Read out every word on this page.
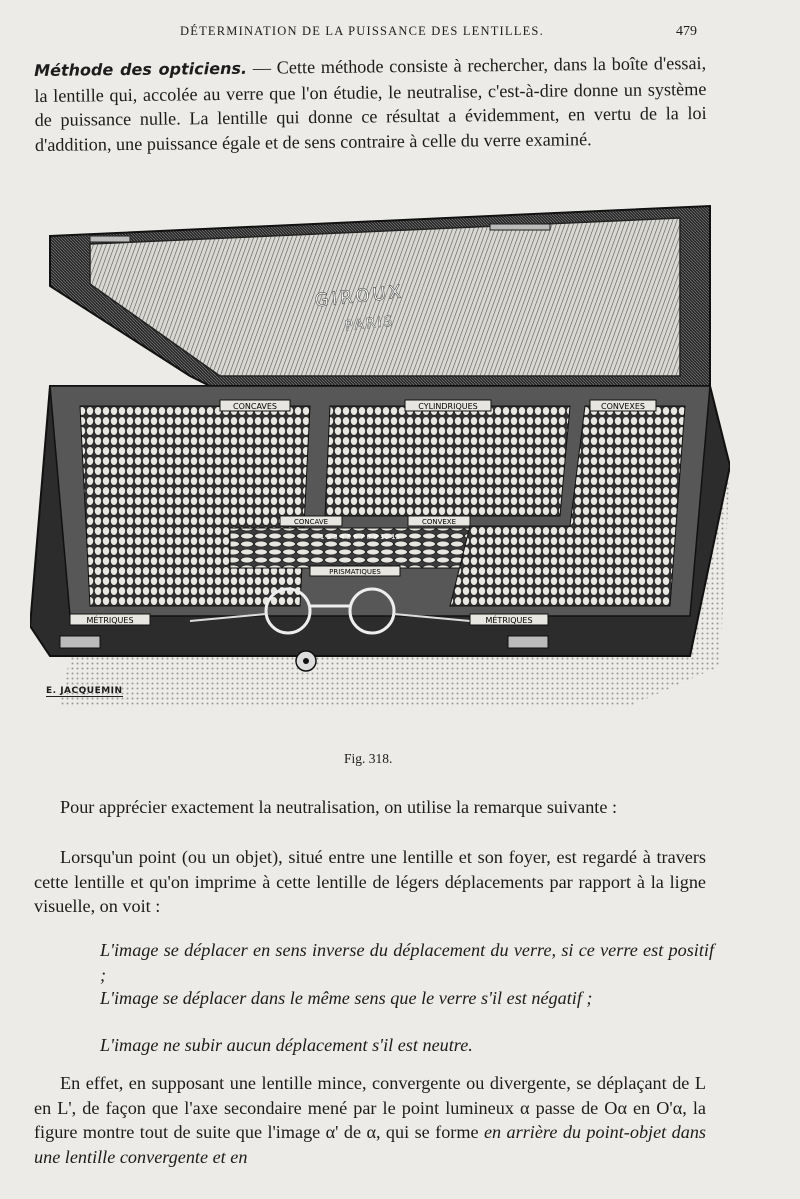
DÉTERMINATION DE LA PUISSANCE DES LENTILLES.	479

Méthode des opticiens. — Cette méthode consiste à rechercher, dans la boîte d'essai, la lentille qui, accolée au verre que l'on étudie, le neutralise, c'est-à-dire donne un système de puissance nulle. La lentille qui donne ce résultat a évidemment, en vertu de la loi d'addition, une puissance égale et de sens contraire à celle du verre examiné.

GIROUX
PARIS
CONCAVES	CYLINDRIQUES
CONCAVE	CONVEXE
1 2 3 4 5 6 7 8 9 10 12
PRISMATIQUES
CONVEXES
MÉTRIQUES	MÉTRIQUES
E. JACQUEMIN
Fig. 318.

Pour apprécier exactement la neutralisation, on utilise la remarque suivante :

Lorsqu'un point (ou un objet), situé entre une lentille et son foyer, est regardé à travers cette lentille et qu'on imprime à cette lentille de légers déplacements par rapport à la ligne visuelle, on voit :

L'image se déplacer en sens inverse du déplacement du verre, si ce verre est positif ;

L'image se déplacer dans le même sens que le verre s'il est négatif ;

L'image ne subir aucun déplacement s'il est neutre.

En effet, en supposant une lentille mince, convergente ou divergente, se déplaçant de L en L', de façon que l'axe secondaire mené par le point lumineux α passe de Oα en O'α, la figure montre tout de suite que l'image α' de α, qui se forme en arrière du point-objet dans une lentille convergente et en
